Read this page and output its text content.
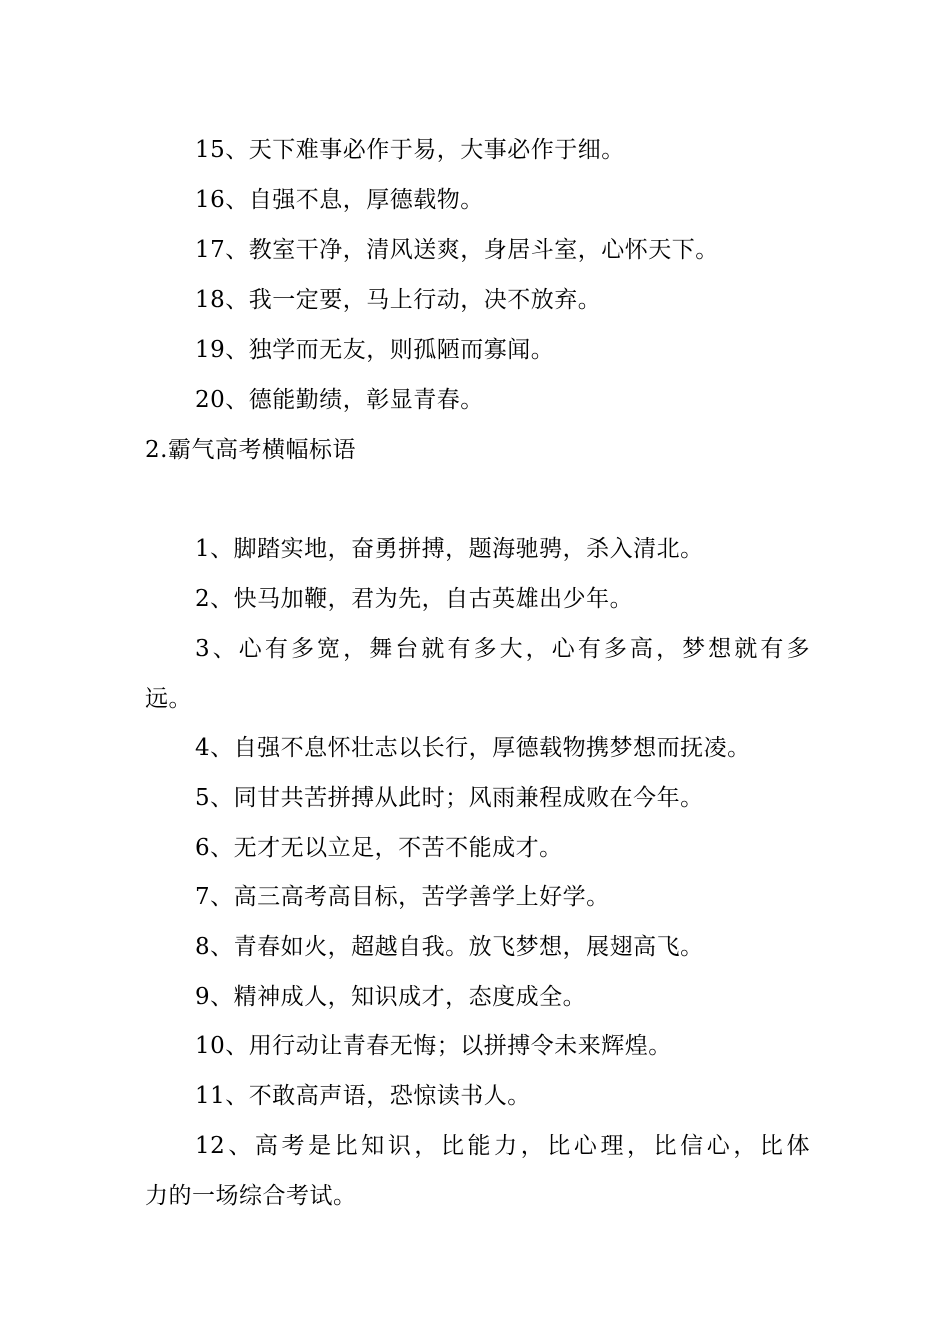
15、天下难事必作于易，大事必作于细。
16、自强不息，厚德载物。
17、教室干净，清风送爽，身居斗室，心怀天下。
18、我一定要，马上行动，决不放弃。
19、独学而无友，则孤陋而寡闻。
20、德能勤绩，彰显青春。
2.霸气高考横幅标语
1、脚踏实地，奋勇拼搏，题海驰骋，杀入清北。
2、快马加鞭，君为先，自古英雄出少年。
3、心有多宽，舞台就有多大，心有多高，梦想就有多
远。
4、自强不息怀壮志以长行，厚德载物携梦想而抚凌。
5、同甘共苦拼搏从此时；风雨兼程成败在今年。
6、无才无以立足，不苦不能成才。
7、高三高考高目标，苦学善学上好学。
8、青春如火，超越自我。放飞梦想，展翅高飞。
9、精神成人，知识成才，态度成全。
10、用行动让青春无悔；以拼搏令未来辉煌。
11、不敢高声语，恐惊读书人。
12、高考是比知识，比能力，比心理，比信心，比体
力的一场综合考试。
